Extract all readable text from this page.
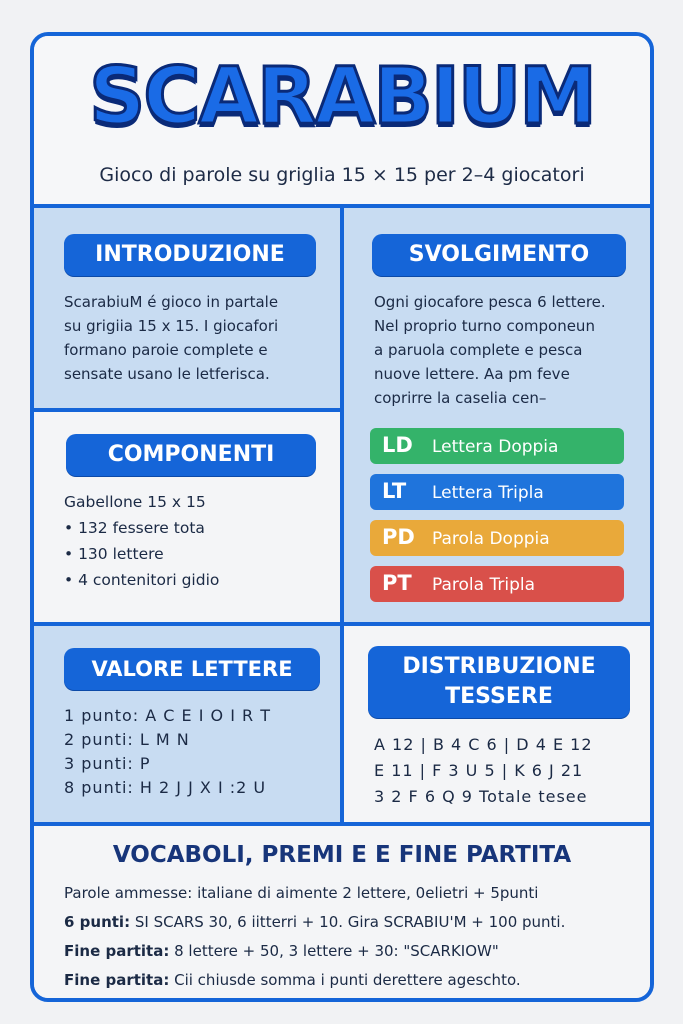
SCARABIUM
Gioco di parole su griglia 15 × 15 per 2–4 giocatori
INTRODUZIONE
ScarabiuM é gioco in partale
su grigiia 15 x 15. I giocafori
formano paroie complete e
sensate usano le letferisca.
SVOLGIMENTO
Ogni giocafore pesca 6 lettere.
Nel proprio turno componeun
a paruola complete e pesca
nuove lettere. Aa pm feve
coprirre la caselia cen–
LD Lettera Doppia
LT Lettera Tripla
PD Parola Doppia
PT Parola Tripla
COMPONENTI
Gabellone 15 x 15
• 132 fessere tota
• 130 lettere
• 4 contenitori gidio
VALORE LETTERE
1 punto: A C E I O I R T
2 punti: L M N
3 punti: P
8 punti: H 2 J J X I :2 U
DISTRIBUZIONE
TESSERE
A 12 | B 4 C 6 | D 4 E 12
E 11 | F 3 U 5 | K 6 J 21
3 2 F 6 Q 9 Totale tesee
VOCABOLI, PREMI E E FINE PARTITA
Parole ammesse: italiane di aimente 2 lettere, 0elietri + 5punti
6 punti: SI SCARS 30, 6 iitterri + 10. Gira SCRABIU'M + 100 punti.
Fine partita: 8 lettere + 50, 3 lettere + 30: "SCARKIOW"
Fine partita: Cii chiusde somma i punti derettere ageschto.
